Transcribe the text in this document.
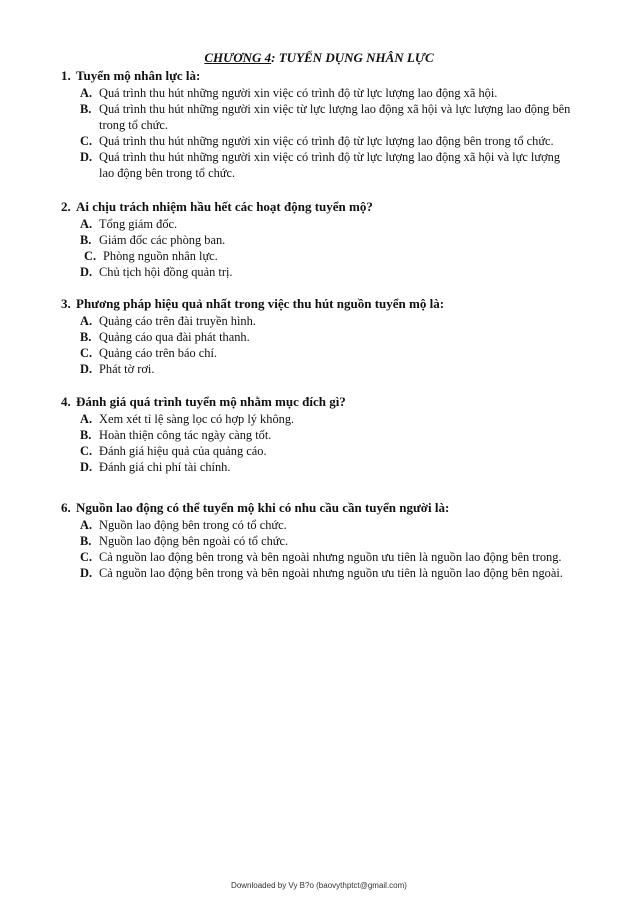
CHƯƠNG 4: TUYỂN DỤNG NHÂN LỰC

1. Tuyển mộ nhân lực là:

A. Quá trình thu hút những người xin việc có trình độ từ lực lượng lao động xã hội.
B. Quá trình thu hút những người xin việc từ lực lượng lao động xã hội và lực lượng lao động bên trong tổ chức.
C. Quá trình thu hút những người xin việc có trình độ từ lực lượng lao động bên trong tổ chức.
D. Quá trình thu hút những người xin việc có trình độ từ lực lượng lao động xã hội và lực lượng lao động bên trong tổ chức.

2. Ai chịu trách nhiệm hầu hết các hoạt động tuyển mộ?

A. Tổng giám đốc.
B. Giám đốc các phòng ban.
C. Phòng nguồn nhân lực.
D. Chủ tịch hội đồng quản trị.

3. Phương pháp hiệu quả nhất trong việc thu hút nguồn tuyển mộ là:

A. Quảng cáo trên đài truyền hình.
B. Quảng cáo qua đài phát thanh.
C. Quảng cáo trên báo chí.
D. Phát tờ rơi.

4. Đánh giá quá trình tuyển mộ nhằm mục đích gì?

A. Xem xét tỉ lệ sàng lọc có hợp lý không.
B. Hoàn thiện công tác ngày càng tốt.
C. Đánh giá hiệu quả của quảng cáo.
D. Đánh giá chi phí tài chính.

6. Nguồn lao động có thể tuyển mộ khi có nhu cầu cần tuyển người là:

A. Nguồn lao động bên trong có tổ chức.
B. Nguồn lao động bên ngoài có tổ chức.
C. Cả nguồn lao động bên trong và bên ngoài nhưng nguồn ưu tiên là nguồn lao động bên trong.
D. Cả nguồn lao động bên trong và bên ngoài nhưng nguồn ưu tiên là nguồn lao động bên ngoài.
Downloaded by Vy B?o (baovythptct@gmail.com)
